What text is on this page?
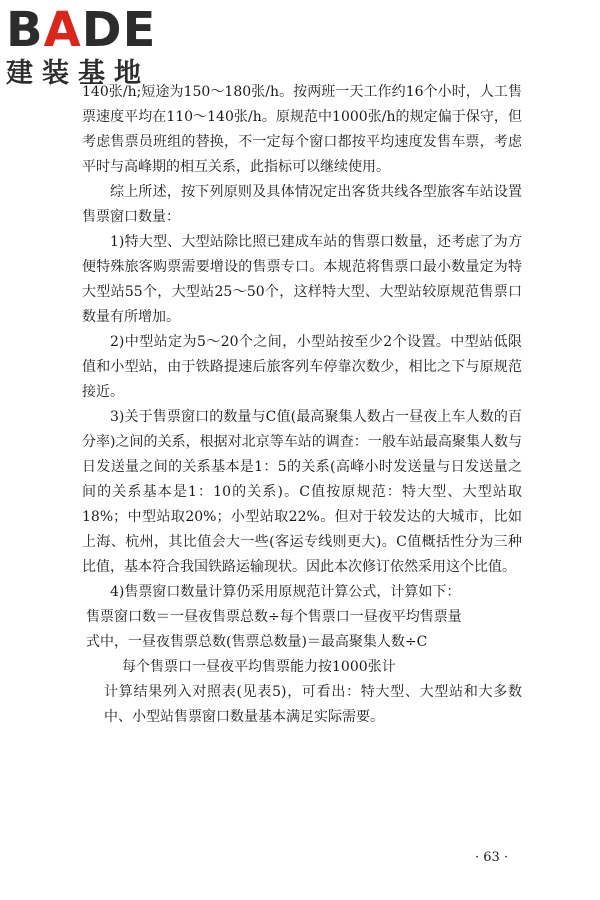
BADE
建装基地

140张/h;短途为150～180张/h。按两班一天工作约16个小时，人工售票速度平均在110～140张/h。原规范中1000张/h的规定偏于保守，但考虑售票员班组的替换，不一定每个窗口都按平均速度发售车票，考虑平时与高峰期的相互关系，此指标可以继续使用。

综上所述，按下列原则及具体情况定出客货共线各型旅客车站设置售票窗口数量：

1)特大型、大型站除比照已建成车站的售票口数量，还考虑了为方便特殊旅客购票需要增设的售票专口。本规范将售票口最小数量定为特大型站55个，大型站25～50个，这样特大型、大型站较原规范售票口数量有所增加。

2)中型站定为5～20个之间，小型站按至少2个设置。中型站低限值和小型站，由于铁路提速后旅客列车停靠次数少，相比之下与原规范接近。

3)关于售票窗口的数量与C值(最高聚集人数占一昼夜上车人数的百分率)之间的关系，根据对北京等车站的调查：一般车站最高聚集人数与日发送量之间的关系基本是1：5的关系(高峰小时发送量与日发送量之间的关系基本是1：10的关系)。C值按原规范：特大型、大型站取18%；中型站取20%；小型站取22%。但对于较发达的大城市，比如上海、杭州，其比值会大一些(客运专线则更大)。C值概括性分为三种比值，基本符合我国铁路运输现状。因此本次修订依然采用这个比值。

4)售票窗口数量计算仍采用原规范计算公式，计算如下：

售票窗口数＝一昼夜售票总数÷每个售票口一昼夜平均售票量

式中，一昼夜售票总数(售票总数量)＝最高聚集人数÷C

每个售票口一昼夜平均售票能力按1000张计

计算结果列入对照表(见表5)，可看出：特大型、大型站和大多数中、小型站售票窗口数量基本满足实际需要。

· 63 ·
